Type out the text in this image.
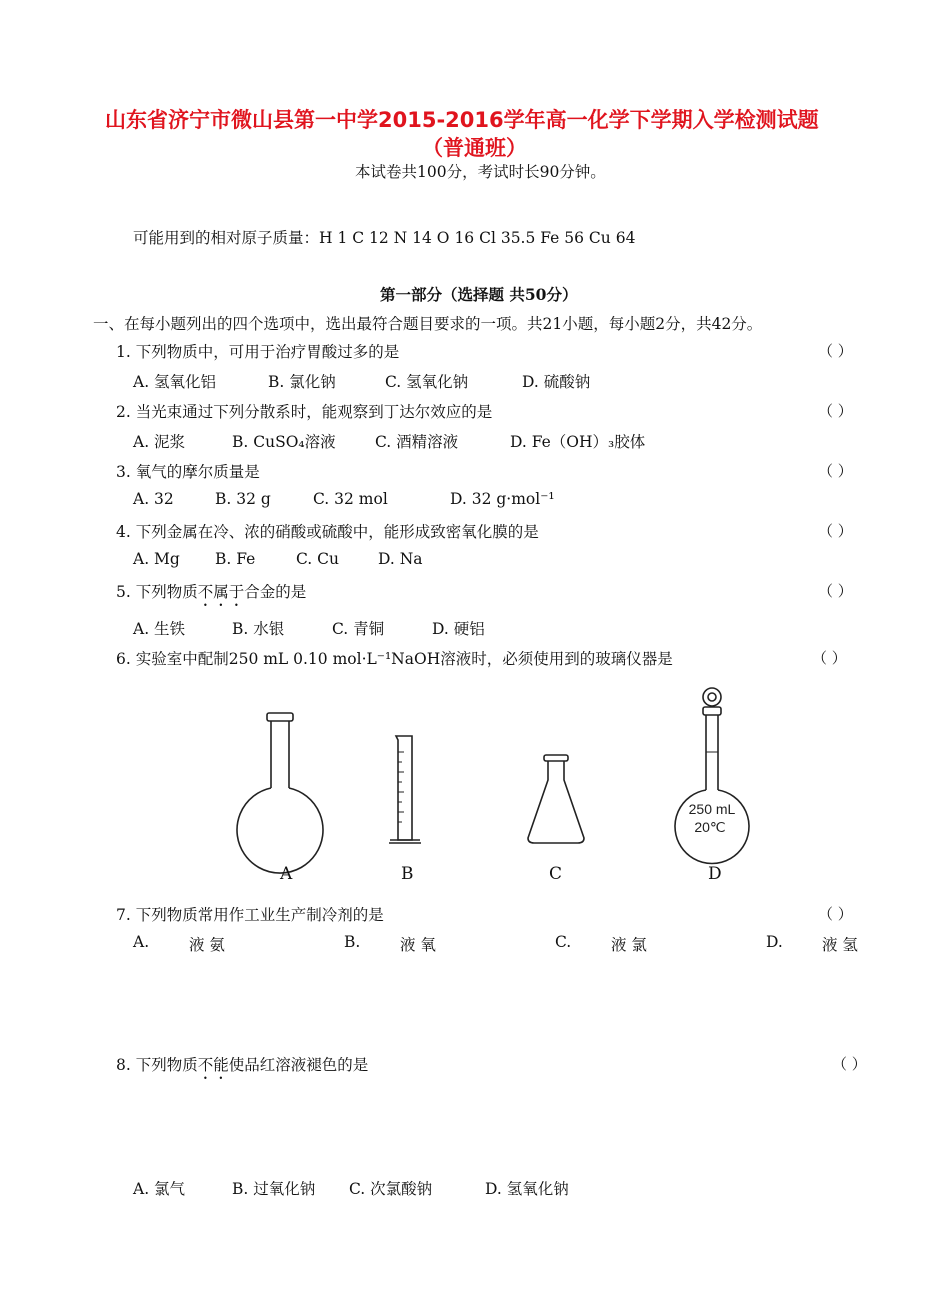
山东省济宁市微山县第一中学2015-2016学年高一化学下学期入学检测试题
（普通班）
本试卷共100分，考试时长90分钟。
可能用到的相对原子质量：H 1 C 12 N 14 O 16 Cl 35.5 Fe 56 Cu 64
第一部分（选择题 共50分）
一、在每小题列出的四个选项中，选出最符合题目要求的一项。共21小题，每小题2分，共42分。
1. 下列物质中，可用于治疗胃酸过多的是	（ ）
A. 氢氧化铝	B. 氯化钠	C. 氢氧化钠	D. 硫酸钠
2. 当光束通过下列分散系时，能观察到丁达尔效应的是	（ ）
A. 泥浆	B. CuSO₄溶液	C. 酒精溶液	D. Fe（OH）₃胶体
3. 氧气的摩尔质量是	（ ）
A. 32	B. 32 g	C. 32 mol	D. 32 g·mol⁻¹
4. 下列金属在冷、浓的硝酸或硫酸中，能形成致密氧化膜的是	（ ）
A. Mg B. Fe	C. Cu	D. Na
5. 下列物质不属于合金的是	（ ）
A. 生铁	B. 水银	C. 青铜	D. 硬铝
6. 实验室中配制250 mL 0.10 mol·L⁻¹NaOH溶液时，必须使用到的玻璃仪器是	（ ）
250 mL
20℃
A	B	C	D
7. 下列物质常用作工业生产制冷剂的是	（ ）
A.	液 氨	B.	液 氧	C.	液 氯	D.	液 氢
8. 下列物质不能使品红溶液褪色的是	（ ）
A. 氯气	B. 过氧化钠 C. 次氯酸钠	D. 氢氧化钠
